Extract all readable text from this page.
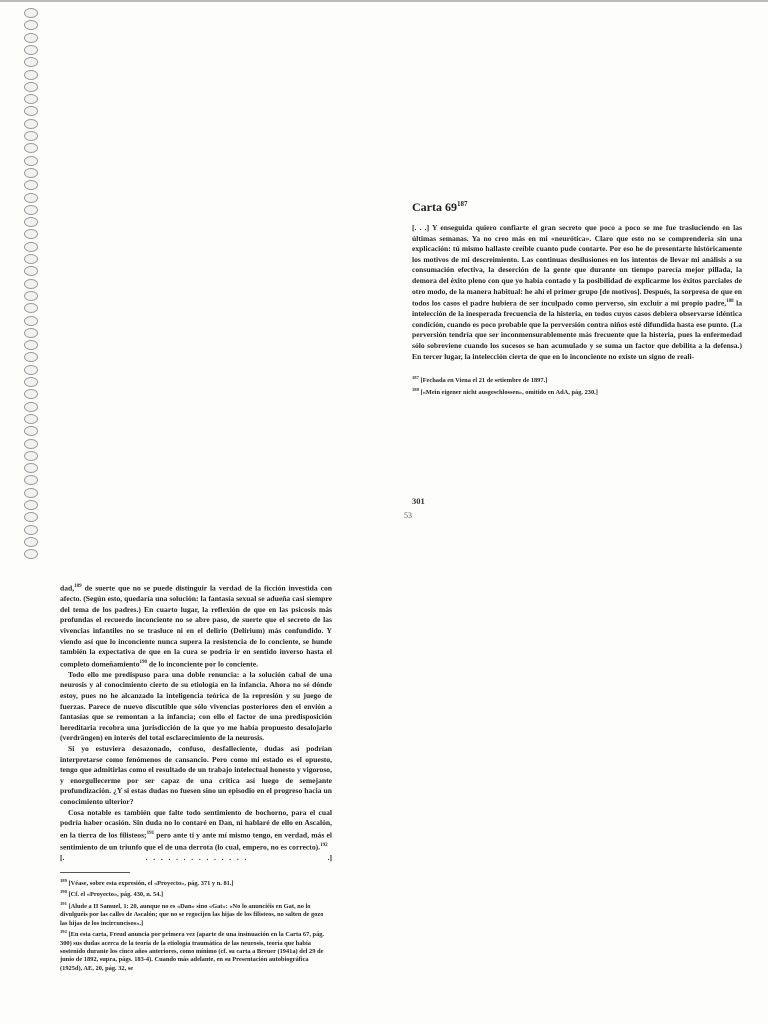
Carta $69^{187}$

[. . .] Y enseguida quiero confiarte el gran secreto que poco a poco se me fue trasluciendo en las últimas semanas. Ya no creo más en mi «neurótica». Claro que esto no se comprendería sin una explicación: tú mismo hallaste creíble cuanto pude contarte. Por eso he de presentarte históricamente los motivos de mi descreimiento. Las continuas desilusiones en los intentos de llevar mi análisis a su consumación efectiva, la deserción de la gente que durante un tiempo parecía mejor pillada, la demora del éxito pleno con que yo había contado y la posibilidad de explicarme los éxitos parciales de otro modo, de la manera habitual: he ahí el primer grupo [de motivos]. Después, la sorpresa de que en todos los casos el padre hubiera de ser inculpado como perverso, sin excluir a mi propio padre,$^{188}$ la intelección de la inesperada frecuencia de la histeria, en todos cuyos casos debiera observarse idéntica condición, cuando es poco probable que la perversión contra niños esté difundida hasta ese punto. (La perversión tendría que ser inconmensurablemente más frecuente que la histeria, pues la enfermedad sólo sobreviene cuando los sucesos se han acumulado y se suma un factor que debilita a la defensa.) En tercer lugar, la intelección cierta de que en lo inconciente no existe un signo de reali-

$^{187}$ [Fechada en Viena el 21 de setiembre de 1897.]
$^{188}$ [«Mein eigener nicht ausgeschlossen», omitido en AdA, pág. 230.]
301
53

dad,$^{189}$ de suerte que no se puede distinguir la verdad de la ficción investida con afecto. (Según esto, quedaría una solución: la fantasía sexual se adueña casi siempre del tema de los padres.) En cuarto lugar, la reflexión de que en las psicosis más profundas el recuerdo inconciente no se abre paso, de suerte que el secreto de las vivencias infantiles no se trasluce ni en el delirio (Delirium) más confundido. Y viendo así que lo inconciente nunca supera la resistencia de lo conciente, se hunde también la expectativa de que en la cura se podría ir en sentido inverso hasta el completo domeñamiento$^{190}$ de lo inconciente por lo conciente.

Todo ello me predispuso para una doble renuncia: a la solución cabal de una neurosis y al conocimiento cierto de su etiología en la infancia. Ahora no sé dónde estoy, pues no he alcanzado la inteligencia teórica de la represión y su juego de fuerzas. Parece de nuevo discutible que sólo vivencias posteriores den el envión a fantasías que se remontan a la infancia; con ello el factor de una predisposición hereditaria recobra una jurisdicción de la que yo me había propuesto desalojarlo (verdrängen) en interés del total esclarecimiento de la neurosis.

Si yo estuviera desazonado, confuso, desfalleciente, dudas así podrían interpretarse como fenómenos de cansancio. Pero como mi estado es el opuesto, tengo que admitirlas como el resultado de un trabajo intelectual honesto y vigoroso, y enorgullecerme por ser capaz de una crítica así luego de semejante profundización. ¿Y si estas dudas no fuesen sino un episodio en el progreso hacia un conocimiento ulterior?

Cosa notable es también que falte todo sentimiento de bochorno, para el cual podría haber ocasión. Sin duda no lo contaré en Dan, ni hablaré de ello en Ascalón, en la tierra de los filisteos;$^{191}$ pero ante ti y ante mí mismo tengo, en verdad, más el sentimiento de un triunfo que el de una derrota (lo cual, empero, no es correcto).$^{192}$

[.	.   .   .   .   .   .   .   .   .   .   .   .   .   .	.]
$^{189}$ [Véase, sobre esta expresión, el «Proyecto», pág. 371 y n. 81.]
$^{190}$ [Cf. el «Proyecto», pág. 430, n. 54.]
$^{191}$ [Alude a II Samuel, 1: 20, aunque no es «Dan» sino «Gat»: «No lo anunciéis en Gat, no lo divulguéis por las calles de Ascalón; que no se regocijen las hijas de los filisteos, no salten de gozo las hijas de los incircuncisos».]
$^{192}$ [En esta carta, Freud anuncia por primera vez (aparte de una insinuación en la Carta 67, pág. 300) sus dudas acerca de la teoría de la etiología traumática de las neurosis, teoría que había sostenido durante los cinco años anteriores, como mínimo (cf. su carta a Breuer (1941a) del 29 de junio de 1892, supra, págs. 183-4). Cuando más adelante, en su Presentación autobiográfica (1925d), AE, 20, pág. 32, se
